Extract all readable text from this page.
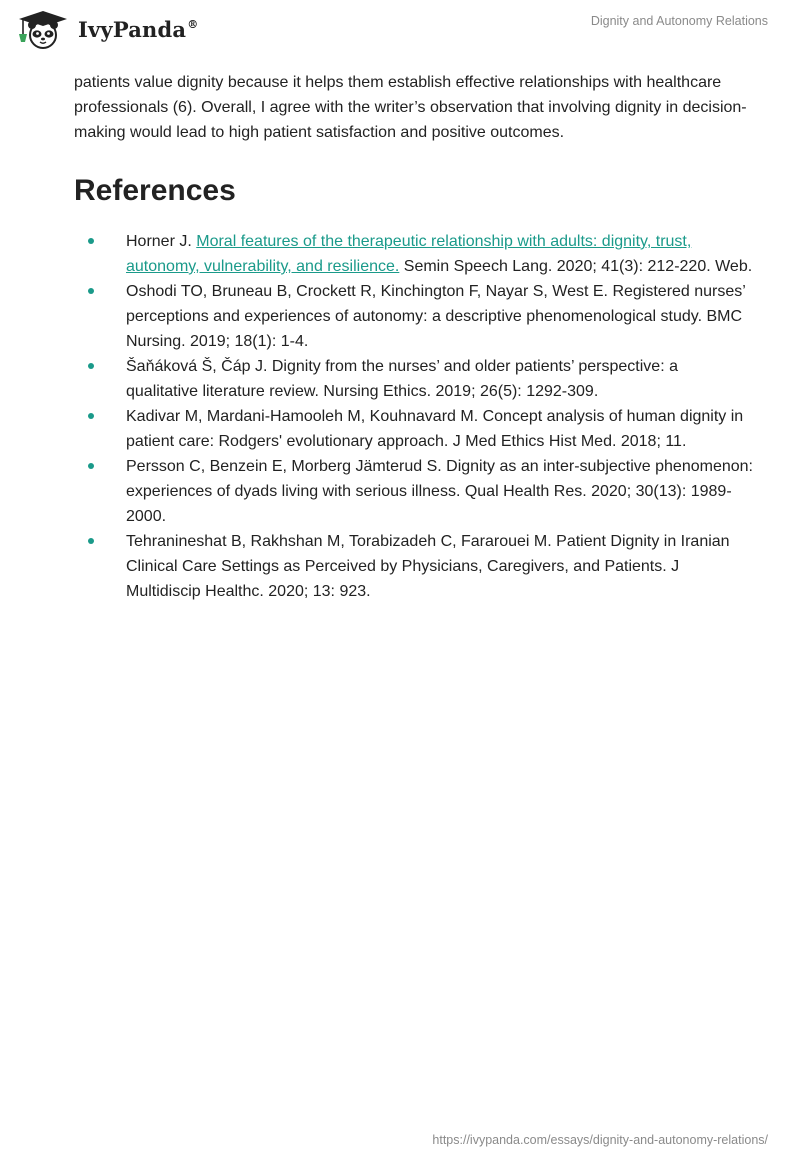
IvyPanda®	Dignity and Autonomy Relations

patients value dignity because it helps them establish effective relationships with healthcare professionals (6). Overall, I agree with the writer’s observation that involving dignity in decision-making would lead to high patient satisfaction and positive outcomes.

References
Horner J. Moral features of the therapeutic relationship with adults: dignity, trust, autonomy, vulnerability, and resilience. Semin Speech Lang. 2020; 41(3): 212-220. Web.
Oshodi TO, Bruneau B, Crockett R, Kinchington F, Nayar S, West E. Registered nurses’ perceptions and experiences of autonomy: a descriptive phenomenological study. BMC Nursing. 2019; 18(1): 1-4.
Šaňáková Š, Čáp J. Dignity from the nurses’ and older patients’ perspective: a qualitative literature review. Nursing Ethics. 2019; 26(5): 1292-309.
Kadivar M, Mardani-Hamooleh M, Kouhnavard M. Concept analysis of human dignity in patient care: Rodgers' evolutionary approach. J Med Ethics Hist Med. 2018; 11.
Persson C, Benzein E, Morberg Jämterud S. Dignity as an inter-subjective phenomenon: experiences of dyads living with serious illness. Qual Health Res. 2020; 30(13): 1989-2000.
Tehranineshat B, Rakhshan M, Torabizadeh C, Fararouei M. Patient Dignity in Iranian Clinical Care Settings as Perceived by Physicians, Caregivers, and Patients. J Multidiscip Healthc. 2020; 13: 923.
https://ivypanda.com/essays/dignity-and-autonomy-relations/
